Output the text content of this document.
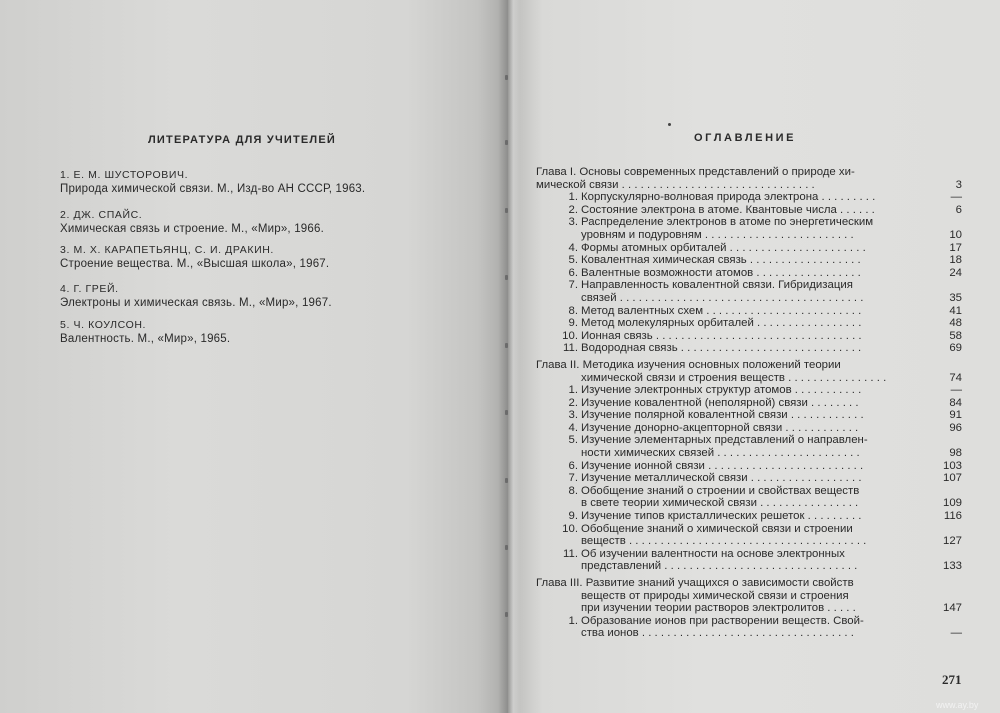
ЛИТЕРАТУРА ДЛЯ УЧИТЕЛЕЙ
1. Е. М. ШУСТОРОВИЧ.
Природа химической связи. М., Изд-во АН СССР, 1963.
2. ДЖ. СПАЙС.
Химическая связь и строение. М., «Мир», 1966.
3. М. Х. КАРАПЕТЬЯНЦ, С. И. ДРАКИН.
Строение вещества. М., «Высшая школа», 1967.
4. Г. ГРЕЙ.
Электроны и химическая связь. М., «Мир», 1967.
5. Ч. КОУЛСОН.
Валентность. М., «Мир», 1965.
ОГЛАВЛЕНИЕ
Глава I. Основы современных представлений о природе хи-
мической связи . . . . . . . . . . . . . . . . . . . . . . . . . . . . . . .	3
1. Корпускулярно-волновая природа электрона . . . . . . . . .	—
2. Состояние электрона в атоме. Квантовые числа . . . . . .	6
3. Распределение электронов в атоме по энергетическим
уровням и подуровням . . . . . . . . . . . . . . . . . . . . . . . .	10
4. Формы атомных орбиталей . . . . . . . . . . . . . . . . . . . . . .	17
5. Ковалентная химическая связь . . . . . . . . . . . . . . . . . .	18
6. Валентные возможности атомов . . . . . . . . . . . . . . . . .	24
7. Направленность ковалентной связи. Гибридизация
связей . . . . . . . . . . . . . . . . . . . . . . . . . . . . . . . . . . . . . . .	35
8. Метод валентных схем . . . . . . . . . . . . . . . . . . . . . . . . .	41
9. Метод молекулярных орбиталей . . . . . . . . . . . . . . . . .	48
10. Ионная связь . . . . . . . . . . . . . . . . . . . . . . . . . . . . . . . . .	58
11. Водородная связь . . . . . . . . . . . . . . . . . . . . . . . . . . . . .	69
Глава II. Методика изучения основных положений теории
химической связи и строения веществ . . . . . . . . . . . . . . . .	74
1. Изучение электронных структур атомов . . . . . . . . . . .	—
2. Изучение ковалентной (неполярной) связи . . . . . . . .	84
3. Изучение полярной ковалентной связи . . . . . . . . . . . .	91
4. Изучение донорно-акцепторной связи . . . . . . . . . . . .	96
5. Изучение элементарных представлений о направлен-
ности химических связей . . . . . . . . . . . . . . . . . . . . . . .	98
6. Изучение ионной связи . . . . . . . . . . . . . . . . . . . . . . . . .	103
7. Изучение металлической связи . . . . . . . . . . . . . . . . . .	107
8. Обобщение знаний о строении и свойствах веществ
в свете теории химической связи . . . . . . . . . . . . . . . .	109
9. Изучение типов кристаллических решеток . . . . . . . . .	116
10. Обобщение знаний о химической связи и строении
веществ . . . . . . . . . . . . . . . . . . . . . . . . . . . . . . . . . . . . . .	127
11. Об изучении валентности на основе электронных
представлений . . . . . . . . . . . . . . . . . . . . . . . . . . . . . . .	133
Глава III. Развитие знаний учащихся о зависимости свойств
веществ от природы химической связи и строения
при изучении теории растворов электролитов . . . . .	147
1. Образование ионов при растворении веществ. Свой-
ства ионов . . . . . . . . . . . . . . . . . . . . . . . . . . . . . . . . . .	—
271
www.ay.by
